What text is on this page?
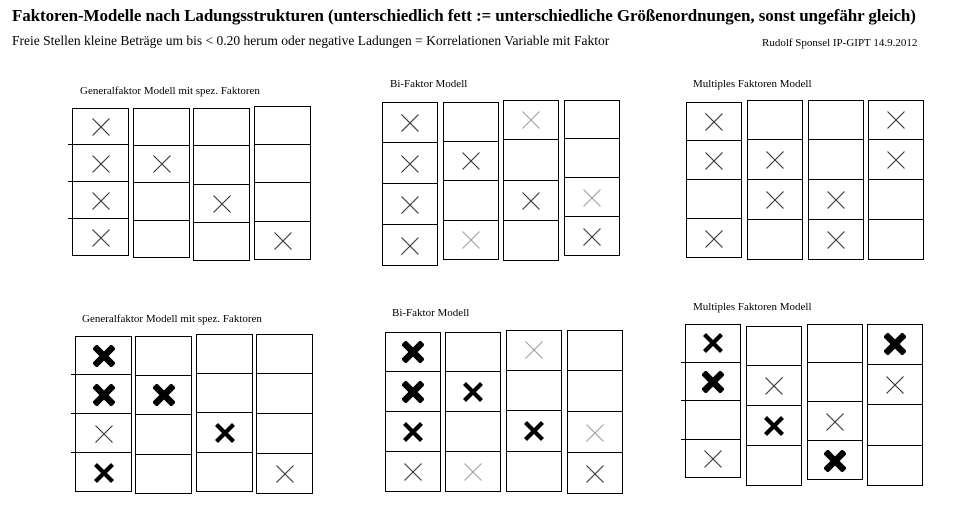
Faktoren-Modelle nach Ladungsstrukturen (unterschiedlich fett := unterschiedliche Größenordnungen, sonst ungefähr gleich)
Freie Stellen kleine Beträge um bis < 0.20 herum oder negative Ladungen = Korrelationen Variable mit Faktor	Rudolf Sponsel IP-GIPT 14.9.2012
Generalfaktor Modell mit spez. Faktoren
Bi-Faktor Modell	Multiples Faktoren Modell
Generalfaktor Modell mit spez. Faktoren	Bi-Faktor Modell	Multiples Faktoren Modell
